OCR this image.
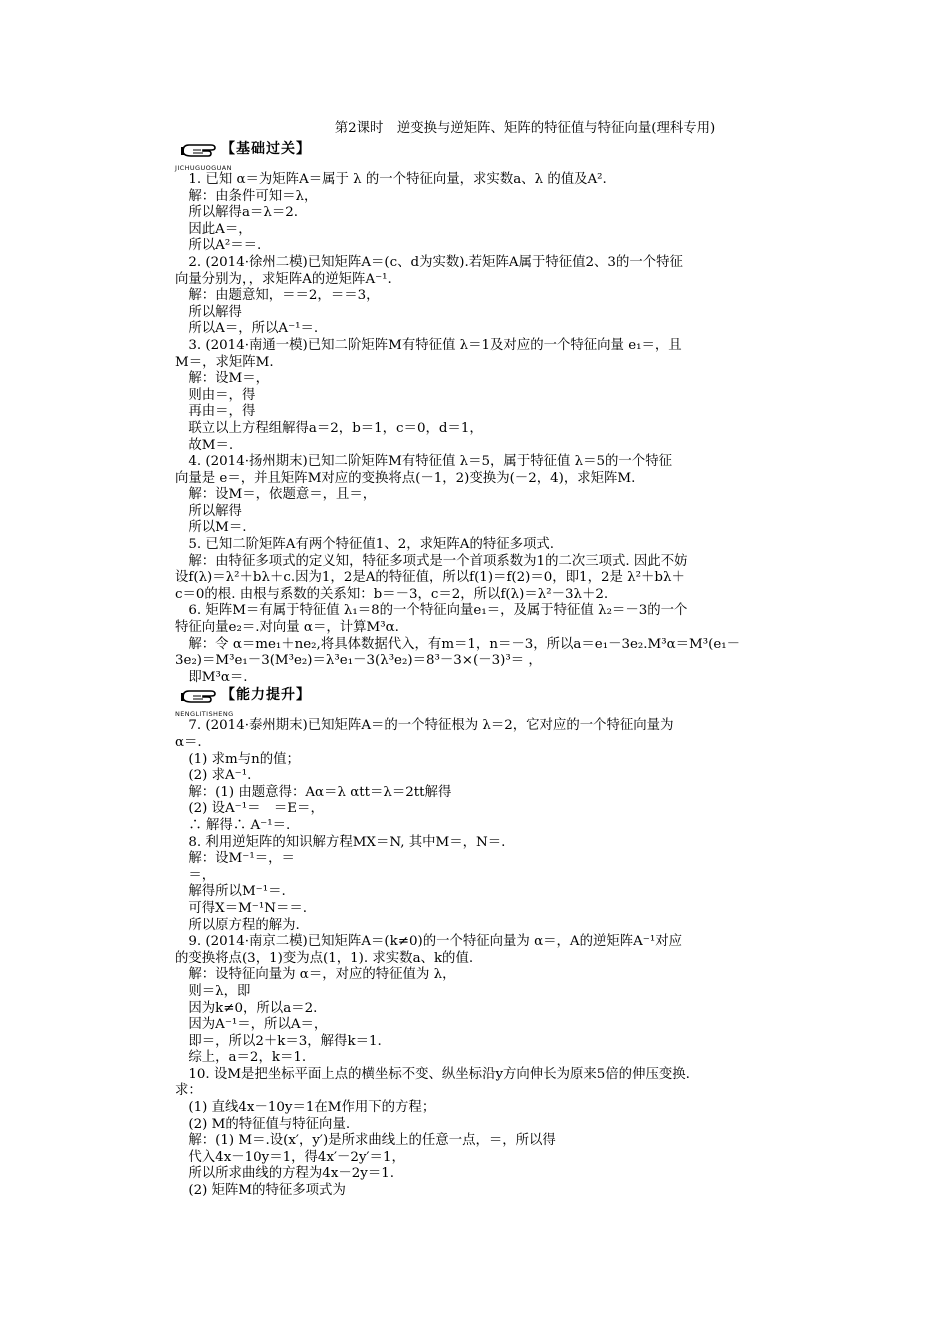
第2课时　逆变换与逆矩阵、矩阵的特征值与特征向量(理科专用)
【基础过关】
JICHUGUOGUAN

　1. 已知 α＝为矩阵A＝属于 λ 的一个特征向量，求实数a、λ 的值及A².

　解：由条件可知＝λ，

　所以解得a＝λ＝2.

　因此A＝，

　所以A²＝＝.

　2. (2014·徐州二模)已知矩阵A＝(c、d为实数).若矩阵A属于特征值2、3的一个特征

向量分别为，，求矩阵A的逆矩阵A⁻¹.

　解：由题意知，＝＝2，＝＝3，

　所以解得

　所以A＝，所以A⁻¹＝.

　3. (2014·南通一模)已知二阶矩阵M有特征值 λ＝1及对应的一个特征向量 e₁＝，且

M＝，求矩阵M.

　解：设M＝，

　则由＝，得

　再由＝，得

　联立以上方程组解得a＝2，b＝1，c＝0，d＝1，

　故M＝.

　4. (2014·扬州期末)已知二阶矩阵M有特征值 λ＝5，属于特征值 λ＝5的一个特征

向量是 e＝，并且矩阵M对应的变换将点(－1，2)变换为(－2，4)，求矩阵M.

　解：设M＝，依题意＝，且＝，

　所以解得

　所以M＝.

　5. 已知二阶矩阵A有两个特征值1、2，求矩阵A的特征多项式.

　解：由特征多项式的定义知，特征多项式是一个首项系数为1的二次三项式. 因此不妨

设f(λ)＝λ²＋bλ＋c.因为1，2是A的特征值，所以f(1)＝f(2)＝0，即1，2是 λ²＋bλ＋

c＝0的根. 由根与系数的关系知：b＝－3，c＝2，所以f(λ)＝λ²－3λ＋2.

　6. 矩阵M＝有属于特征值 λ₁＝8的一个特征向量e₁＝，及属于特征值 λ₂＝－3的一个

特征向量e₂＝.对向量 α＝，计算M³α.

　解：令 α＝me₁＋ne₂,将具体数据代入，有m＝1，n＝－3，所以a＝e₁－3e₂.M³α＝M³(e₁－

3e₂)＝M³e₁－3(M³e₂)＝λ³e₁－3(λ³e₂)＝8³－3×(－3)³＝ ，

　即M³α＝.

【能力提升】
NENGLITISHENG

　7. (2014·泰州期末)已知矩阵A＝的一个特征根为 λ＝2，它对应的一个特征向量为

α＝.

　(1) 求m与n的值；

　(2) 求A⁻¹.

　解：(1) 由题意得：Aα＝λ αtt＝λ＝2tt解得

　(2) 设A⁻¹＝　＝E＝，

　∴ 解得∴ A⁻¹＝.

　8. 利用逆矩阵的知识解方程MX＝N, 其中M＝，N＝.

　解：设M⁻¹＝，＝

　＝，

　解得所以M⁻¹＝.

　可得X＝M⁻¹N＝＝.

　所以原方程的解为.

　9. (2014·南京二模)已知矩阵A＝(k≠0)的一个特征向量为 α＝，A的逆矩阵A⁻¹对应

的变换将点(3，1)变为点(1，1). 求实数a、k的值.

　解：设特征向量为 α＝，对应的特征值为 λ，

　则＝λ，即

　因为k≠0，所以a＝2.

　因为A⁻¹＝，所以A＝，

　即＝，所以2＋k＝3，解得k＝1.

　综上，a＝2，k＝1.

　10. 设M是把坐标平面上点的横坐标不变、纵坐标沿y方向伸长为原来5倍的伸压变换.

求：

　(1) 直线4x－10y＝1在M作用下的方程；

　(2) M的特征值与特征向量.

　解：(1) M＝.设(x′，y′)是所求曲线上的任意一点，＝，所以得

　代入4x－10y＝1，得4x′－2y′＝1，

　所以所求曲线的方程为4x－2y＝1.

　(2) 矩阵M的特征多项式为
